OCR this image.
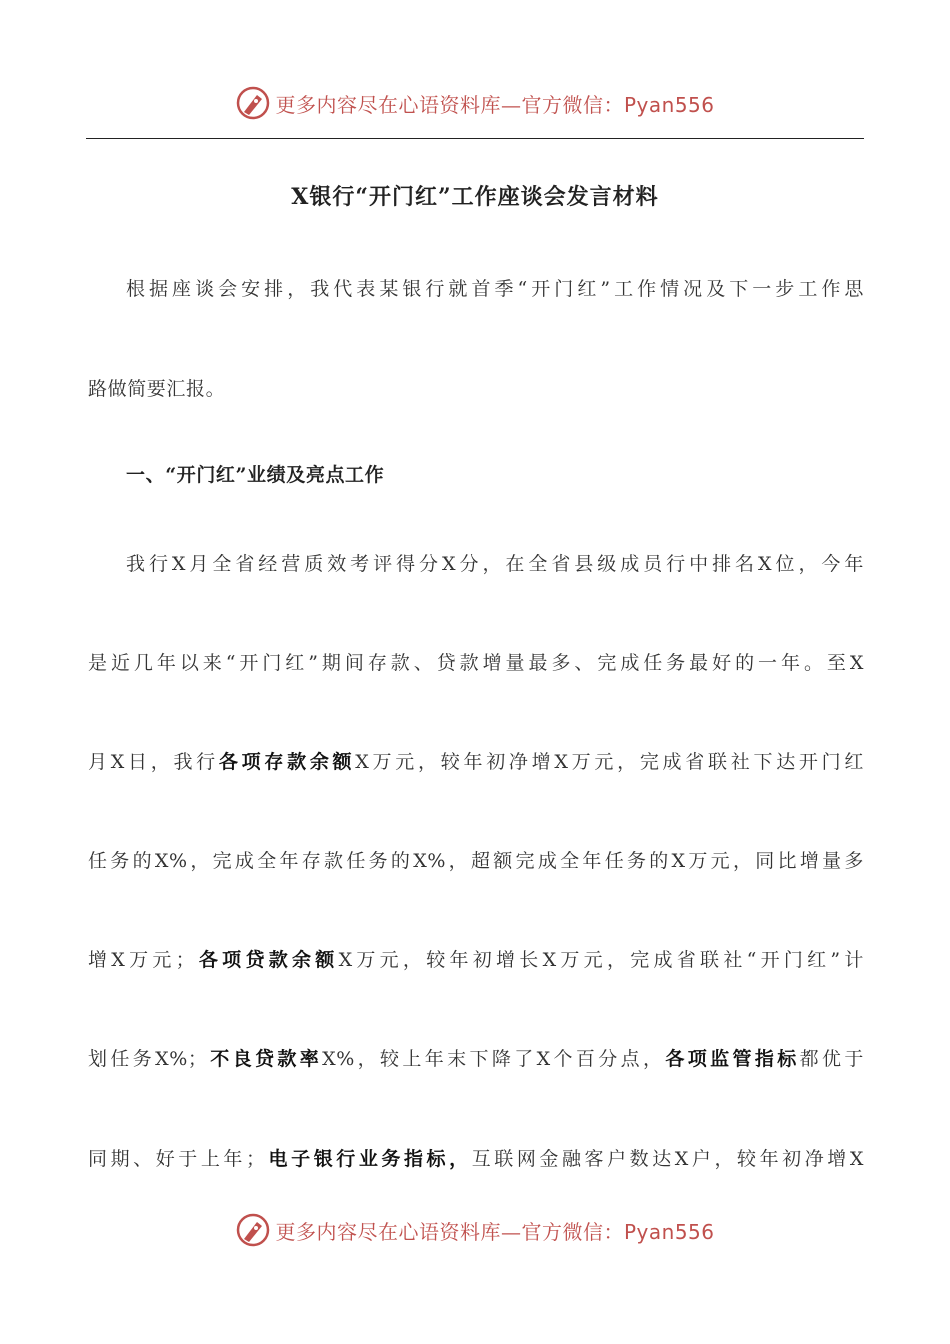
更多内容尽在心语资料库—官方微信：Pyan556
X银行“开门红”工作座谈会发言材料
根据座谈会安排，我代表某银行就首季“开门红”工作情况及下一步工作思
路做简要汇报。
一、“开门红”业绩及亮点工作
我行X月全省经营质效考评得分X分，在全省县级成员行中排名X位，今年
是近几年以来“开门红”期间存款、贷款增量最多、完成任务最好的一年。至X
月X日，我行各项存款余额X万元，较年初净增X万元，完成省联社下达开门红
任务的X%，完成全年存款任务的X%，超额完成全年任务的X万元，同比增量多
增X万元；各项贷款余额X万元，较年初增长X万元，完成省联社“开门红”计
划任务X%；不良贷款率X%，较上年末下降了X个百分点，各项监管指标都优于
同期、好于上年；电子银行业务指标，互联网金融客户数达X户，较年初净增X
更多内容尽在心语资料库—官方微信：Pyan556
